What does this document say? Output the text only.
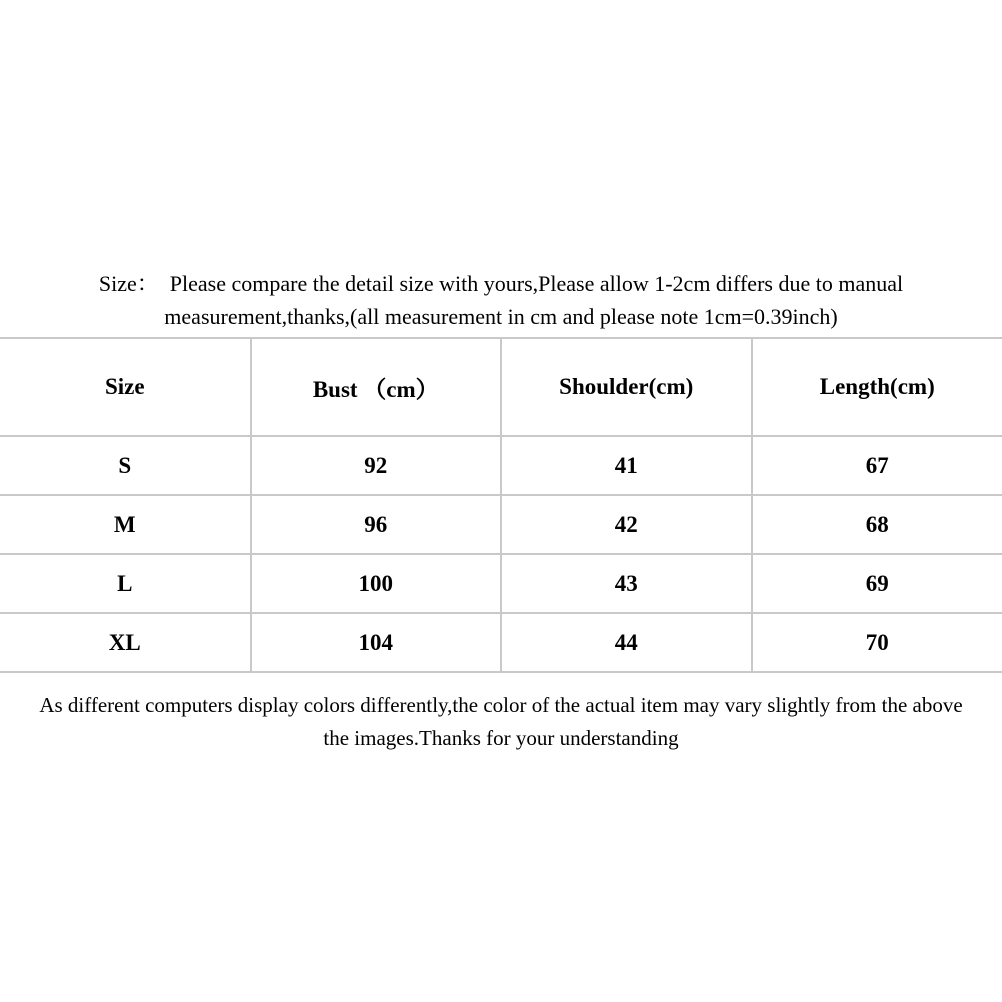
Size：  Please compare the detail size with yours,Please allow 1-2cm differs due to manual
measurement,thanks,(all measurement in cm and please note 1cm=0.39inch)
Size	Bust （cm）	Shoulder(cm)	Length(cm)
S	92	41	67
M	96	42	68
L	100	43	69
XL	104	44	70
As different computers display colors differently,the color of the actual item may vary slightly from the above
the images.Thanks for your understanding
